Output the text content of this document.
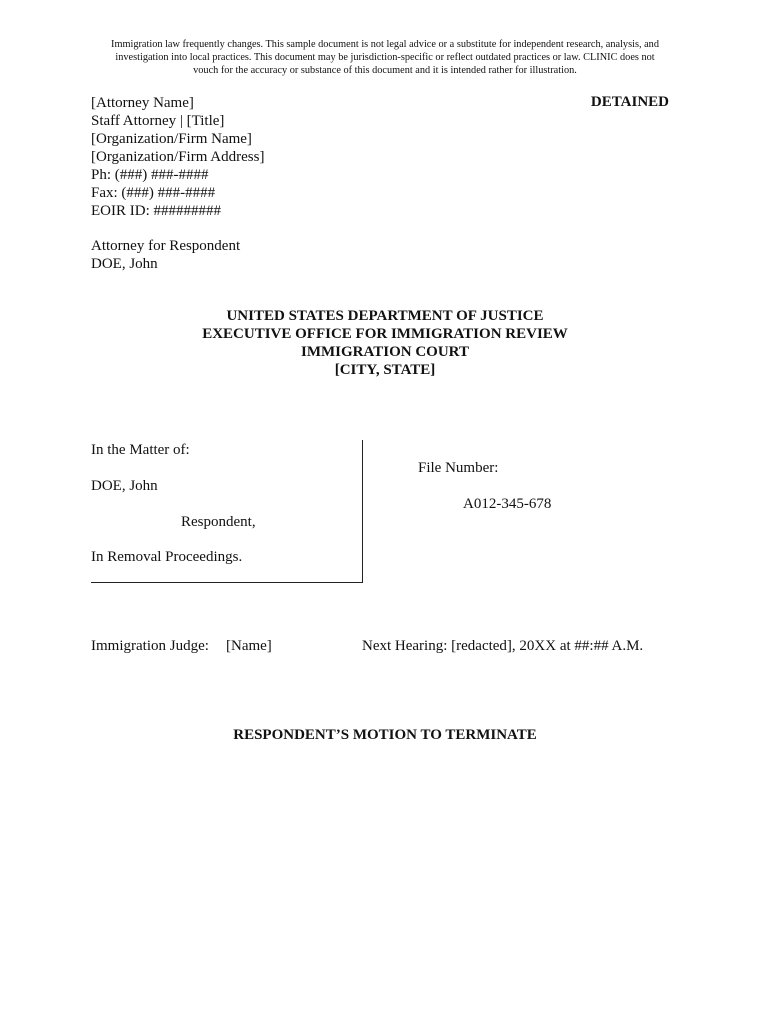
Immigration law frequently changes. This sample document is not legal advice or a substitute for independent research, analysis, and
investigation into local practices. This document may be jurisdiction-specific or reflect outdated practices or law. CLINIC does not
vouch for the accuracy or substance of this document and it is intended rather for illustration.
DETAINED
[Attorney Name]
Staff Attorney | [Title]
[Organization/Firm Name]
[Organization/Firm Address]
Ph: (###) ###-####
Fax: (###) ###-####
EOIR ID: #########
Attorney for Respondent
DOE, John
UNITED STATES DEPARTMENT OF JUSTICE
EXECUTIVE OFFICE FOR IMMIGRATION REVIEW
IMMIGRATION COURT
[CITY, STATE]
In the Matter of:
DOE, John
Respondent,
In Removal Proceedings.
File Number:
A012-345-678
Immigration Judge: [Name]	Next Hearing: [redacted], 20XX at ##:## A.M.
RESPONDENT’S MOTION TO TERMINATE
